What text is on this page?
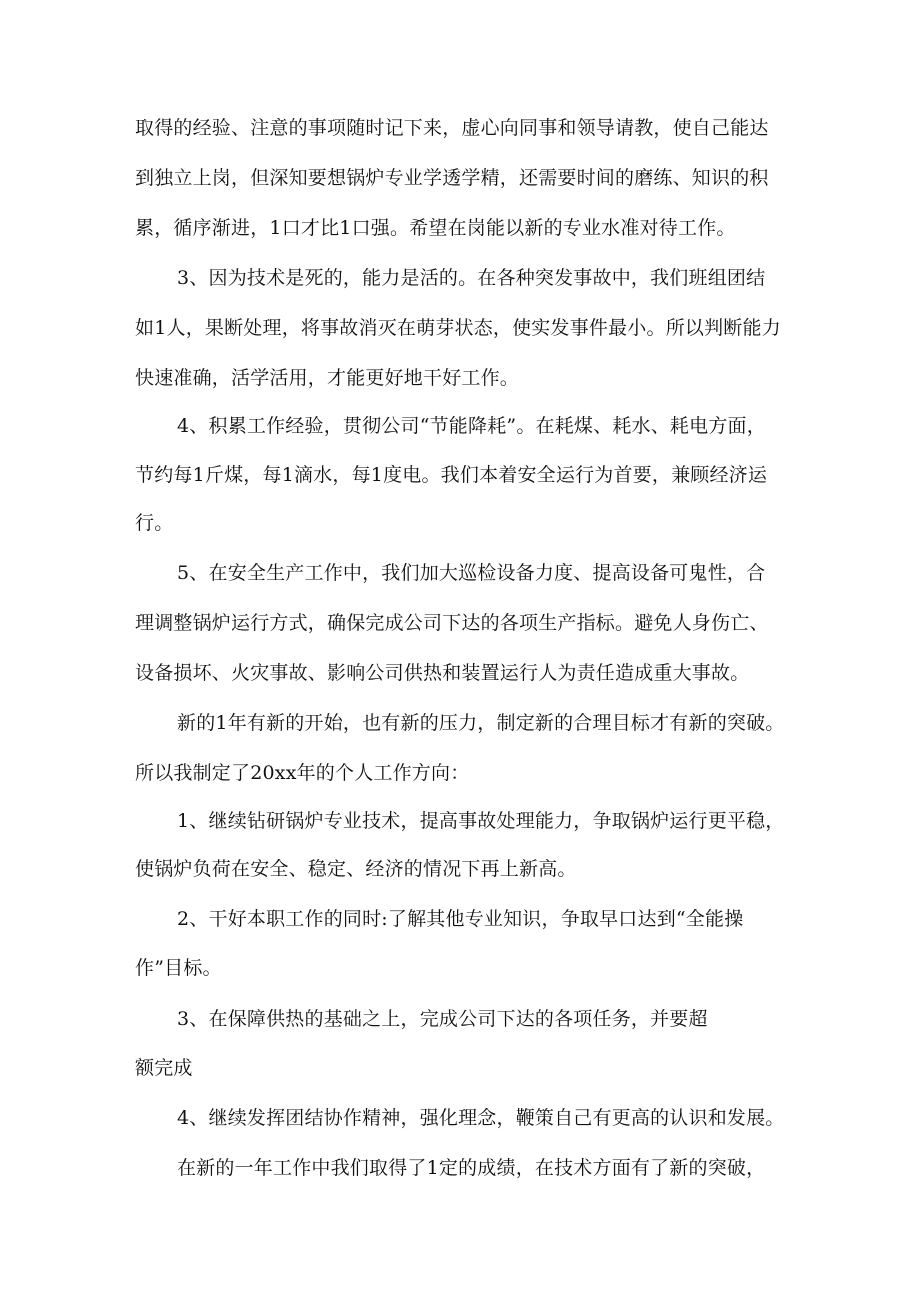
取得的经验、注意的事项随时记下来，虚心向同事和领导请教，使自己能达
到独立上岗，但深知要想锅炉专业学透学精，还需要时间的磨练、知识的积
累，循序渐进，1口才比1口强。希望在岗能以新的专业水准对待工作。
3、因为技术是死的，能力是活的。在各种突发事故中，我们班组团结
如1人，果断处理，将事故消灭在萌芽状态，使实发事件最小。所以判断能力
快速准确，活学活用，才能更好地干好工作。
4、积累工作经验，贯彻公司“节能降耗”。在耗煤、耗水、耗电方面，
节约每1斤煤，每1滴水，每1度电。我们本着安全运行为首要，兼顾经济运
行。
5、在安全生产工作中，我们加大巡检设备力度、提高设备可鬼性，合
理调整锅炉运行方式，确保完成公司下达的各项生产指标。避免人身伤亡、
设备损坏、火灾事故、影响公司供热和装置运行人为责任造成重大事故。
新的1年有新的开始，也有新的压力，制定新的合理目标才有新的突破。
所以我制定了20xx年的个人工作方向：
1、继续钻研锅炉专业技术，提高事故处理能力，争取锅炉运行更平稳，
使锅炉负荷在安全、稳定、经济的情况下再上新高。
2、干好本职工作的同时:了解其他专业知识，争取早口达到“全能操
作”目标。
3、在保障供热的基础之上，完成公司下达的各项任务，并要超
额完成
4、继续发挥团结协作精神，强化理念，鞭策自己有更高的认识和发展。
在新的一年工作中我们取得了1定的成绩，在技术方面有了新的突破，
